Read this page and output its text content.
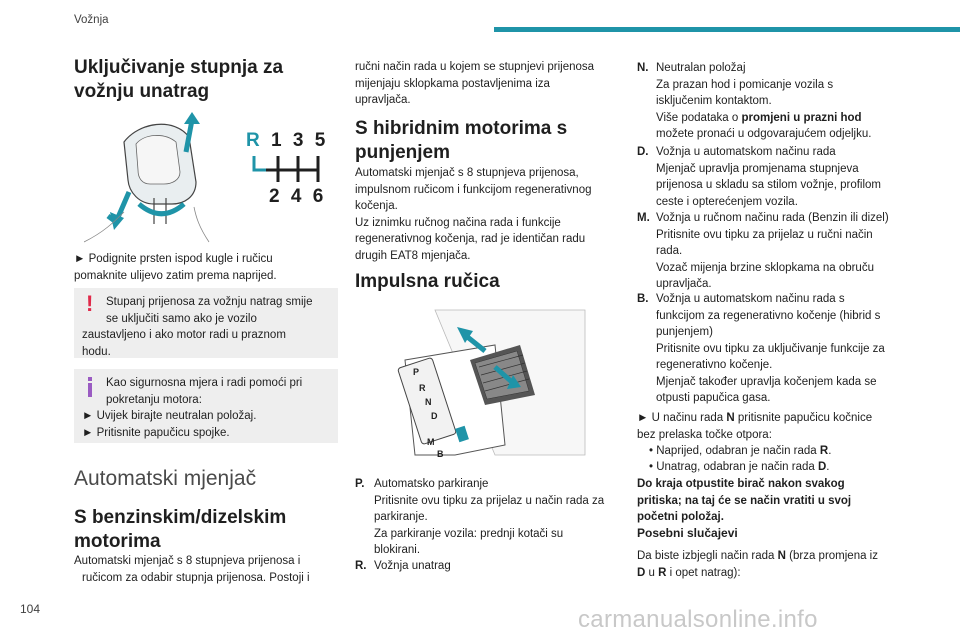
Vožnja
Uključivanje stupnja za
vožnju unatrag
R 1 3 5
2 4 6

► Podignite prsten ispod kugle i ručicu
pomaknite ulijevo zatim prema naprijed.

!	Stupanj prijenosa za vožnju natrag smije
se uključiti samo ako je vozilo
zaustavljeno i ako motor radi u praznom
hodu.
Kao sigurnosna mjera i radi pomoći pri
pokretanju motora:
► Uvijek birajte neutralan položaj.
► Pritisnite papučicu spojke.
Automatski mjenjač
S benzinskim/dizelskim
motorima

Automatski mjenjač s 8 stupnjeva prijenosa i
ručicom za odabir stupnja prijenosa. Postoji i

ručni način rada u kojem se stupnjevi prijenosa
mijenjaju sklopkama postavljenima iza
upravljača.

S hibridnim motorima s
punjenjem

Automatski mjenjač s 8 stupnjeva prijenosa,
impulsnom ručicom i funkcijom regenerativnog
kočenja.
Uz iznimku ručnog načina rada i funkcije
regenerativnog kočenja, rad je identičan radu
drugih EAT8 mjenjača.

Impulsna ručica
P
R
N
D
M
B
P. Automatsko parkiranje
Pritisnite ovu tipku za prijelaz u način rada za
parkiranje.
Za parkiranje vozila: prednji kotači su
blokirani.
R. Vožnja unatrag
N. Neutralan položaj
Za prazan hod i pomicanje vozila s
isključenim kontaktom.
Više podataka o promjeni u prazni hod
možete pronaći u odgovarajućem odjeljku.
D. Vožnja u automatskom načinu rada
Mjenjač upravlja promjenama stupnjeva
prijenosa u skladu sa stilom vožnje, profilom
ceste i opterećenjem vozila.
M. Vožnja u ručnom načinu rada (Benzin ili dizel)
Pritisnite ovu tipku za prijelaz u ručni način
rada.
Vozač mijenja brzine sklopkama na obruču
upravljača.
B. Vožnja u automatskom načinu rada s
funkcijom za regenerativno kočenje (hibrid s
punjenjem)
Pritisnite ovu tipku za uključivanje funkcije za
regenerativno kočenje.
Mjenjač također upravlja kočenjem kada se
otpusti papučica gasa.

► U načinu rada N pritisnite papučicu kočnice
bez prelaska točke otpora:

• Naprijed, odabran je način rada R.
• Unatrag, odabran je način rada D.

Do kraja otpustite birač nakon svakog
pritiska; na taj će se način vratiti u svoj
početni položaj.

Posebni slučajevi

Da biste izbjegli način rada N (brza promjena iz
D u R i opet natrag):

104	carmanualsonline.info
